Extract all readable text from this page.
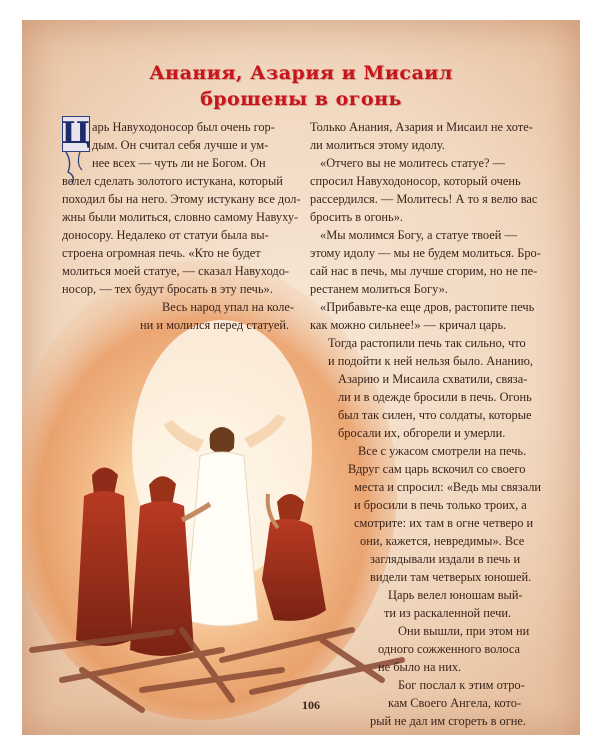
Анания, Азария и Мисаил
брошены в огонь
Ц арь Навуходоносор был очень гор-
дым. Он считал себя лучше и ум-
нее всех — чуть ли не Богом. Он
велел сделать золотого истукана, который
походил бы на него. Этому истукану все дол-
жны были молиться, словно самому Навуху-
доносору. Недалеко от статуи была вы-
строена огромная печь. «Кто не будет
молиться моей статуе, — сказал Навуходо-
носор, — тех будут бросать в эту печь».
Весь народ упал на коле-
ни и молился перед статуей.
Только Анания, Азария и Мисаил не хоте-
ли молиться этому идолу.
«Отчего вы не молитесь статуе? —
спросил Навуходоносор, который очень
рассердился. — Молитесь! А то я велю вас
бросить в огонь».
«Мы молимся Богу, а статуе твоей —
этому идолу — мы не будем молиться. Бро-
сай нас в печь, мы лучше сгорим, но не пе-
рестанем молиться Богу».
«Прибавьте-ка еще дров, растопите печь
как можно сильнее!» — кричал царь.
Тогда растопили печь так сильно, что
и подойти к ней нельзя было. Ананию,
Азарию и Мисаила схватили, связа-
ли и в одежде бросили в печь. Огонь
был так силен, что солдаты, которые
бросали их, обгорели и умерли.
Все с ужасом смотрели на печь.
Вдруг сам царь вскочил со своего
места и спросил: «Ведь мы связали
и бросили в печь только троих, а
смотрите: их там в огне четверо и
они, кажется, невредимы». Все
заглядывали издали в печь и
видели там четверых юношей.
Царь велел юношам вый-
ти из раскаленной печи.
Они вышли, при этом ни
одного сожженного волоса
не было на них.
Бог послал к этим отро-
кам Своего Ангела, кото-
рый не дал им сгореть в огне.
106
